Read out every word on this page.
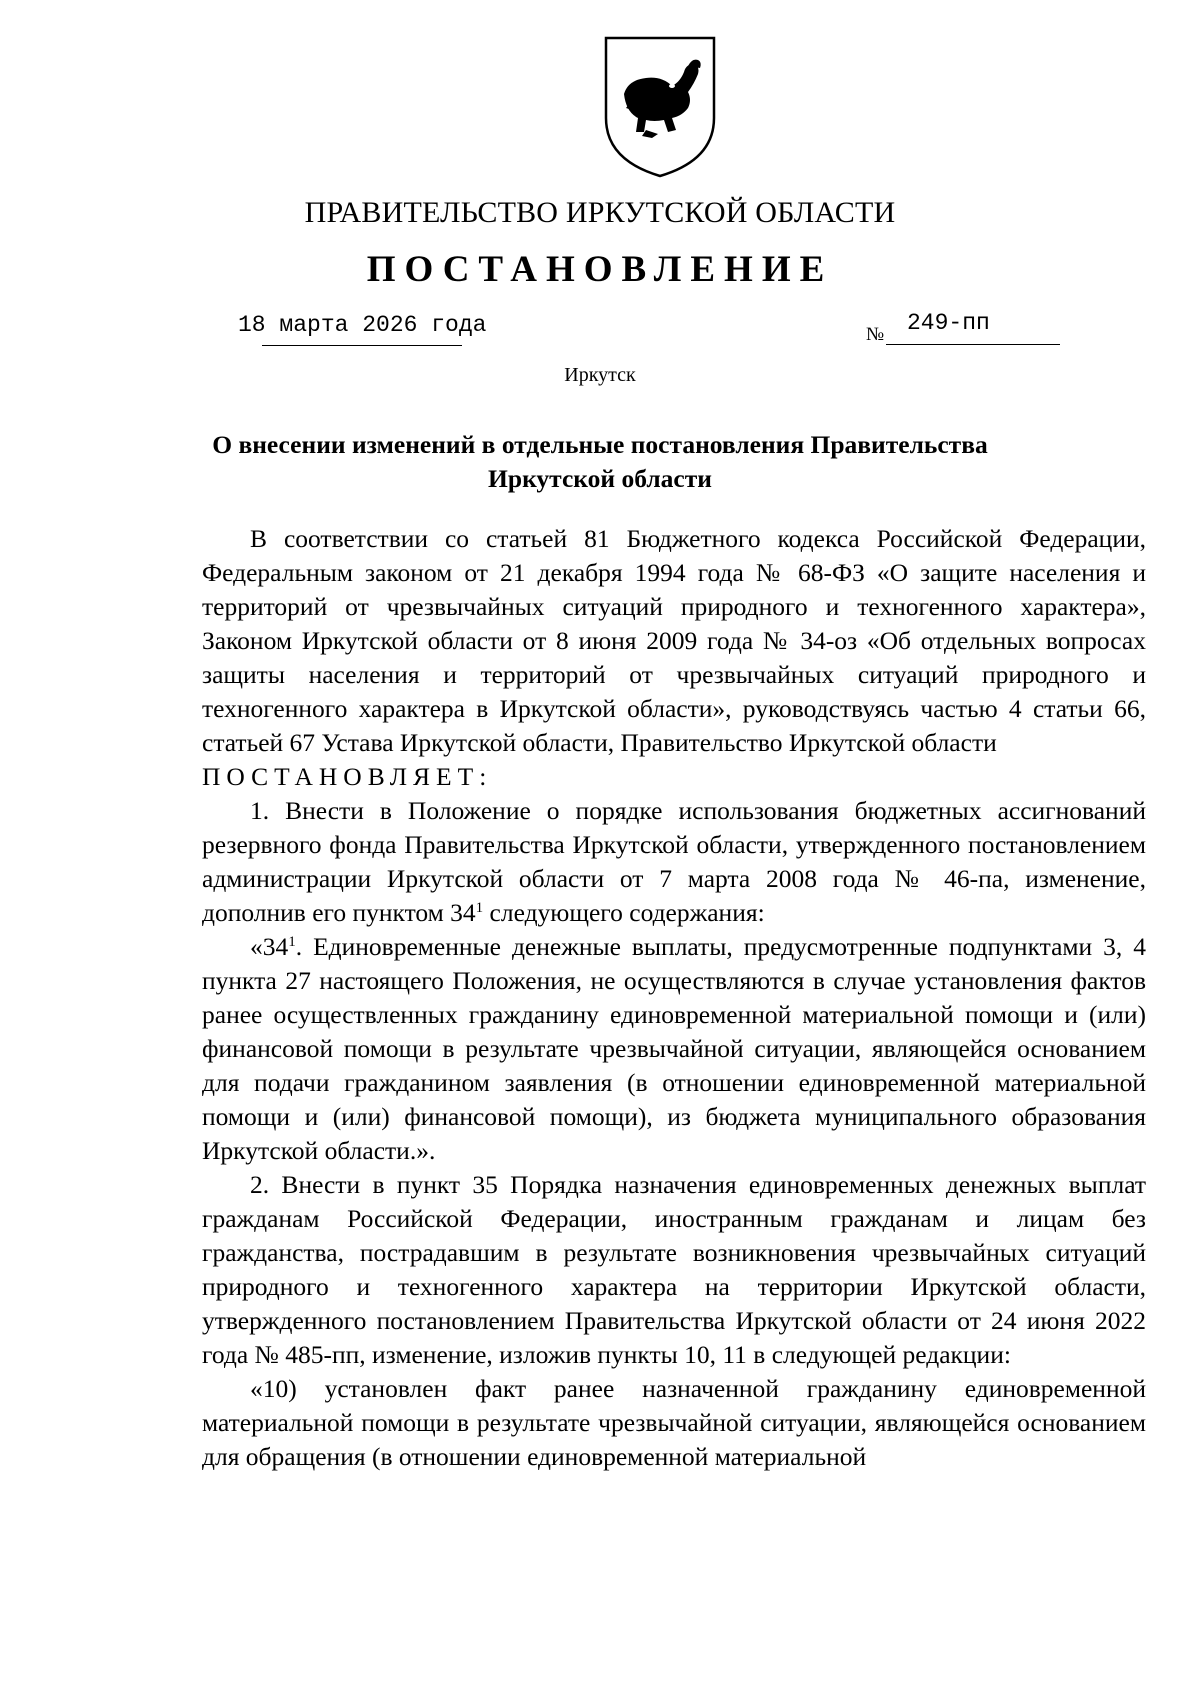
ПРАВИТЕЛЬСТВО ИРКУТСКОЙ ОБЛАСТИ
ПОСТАНОВЛЕНИЕ
18 марта 2026 года	№ 249-пп
Иркутск
О внесении изменений в отдельные постановления Правительства Иркутской области

В соответствии со статьей 81 Бюджетного кодекса Российской Федерации, Федеральным законом от 21 декабря 1994 года № 68-ФЗ «О защите населения и территорий от чрезвычайных ситуаций природного и техногенного характера», Законом Иркутской области от 8 июня 2009 года № 34-оз «Об отдельных вопросах защиты населения и территорий от чрезвычайных ситуаций природного и техногенного характера в Иркутской области», руководствуясь частью 4 статьи 66, статьей 67 Устава Иркутской области, Правительство Иркутской области

ПОСТАНОВЛЯЕТ:

1. Внести в Положение о порядке использования бюджетных ассигнований резервного фонда Правительства Иркутской области, утвержденного постановлением администрации Иркутской области от 7 марта 2008 года № 46-па, изменение, дополнив его пунктом $34^1$ следующего содержания:

«$34^1$. Единовременные денежные выплаты, предусмотренные подпунктами 3, 4 пункта 27 настоящего Положения, не осуществляются в случае установления фактов ранее осуществленных гражданину единовременной материальной помощи и (или) финансовой помощи в результате чрезвычайной ситуации, являющейся основанием для подачи гражданином заявления (в отношении единовременной материальной помощи и (или) финансовой помощи), из бюджета муниципального образования Иркутской области.».

2. Внести в пункт 35 Порядка назначения единовременных денежных выплат гражданам Российской Федерации, иностранным гражданам и лицам без гражданства, пострадавшим в результате возникновения чрезвычайных ситуаций природного и техногенного характера на территории Иркутской области, утвержденного постановлением Правительства Иркутской области от 24 июня 2022 года № 485-пп, изменение, изложив пункты 10, 11 в следующей редакции:

«10) установлен факт ранее назначенной гражданину единовременной материальной помощи в результате чрезвычайной ситуации, являющейся основанием для обращения (в отношении единовременной материальной
